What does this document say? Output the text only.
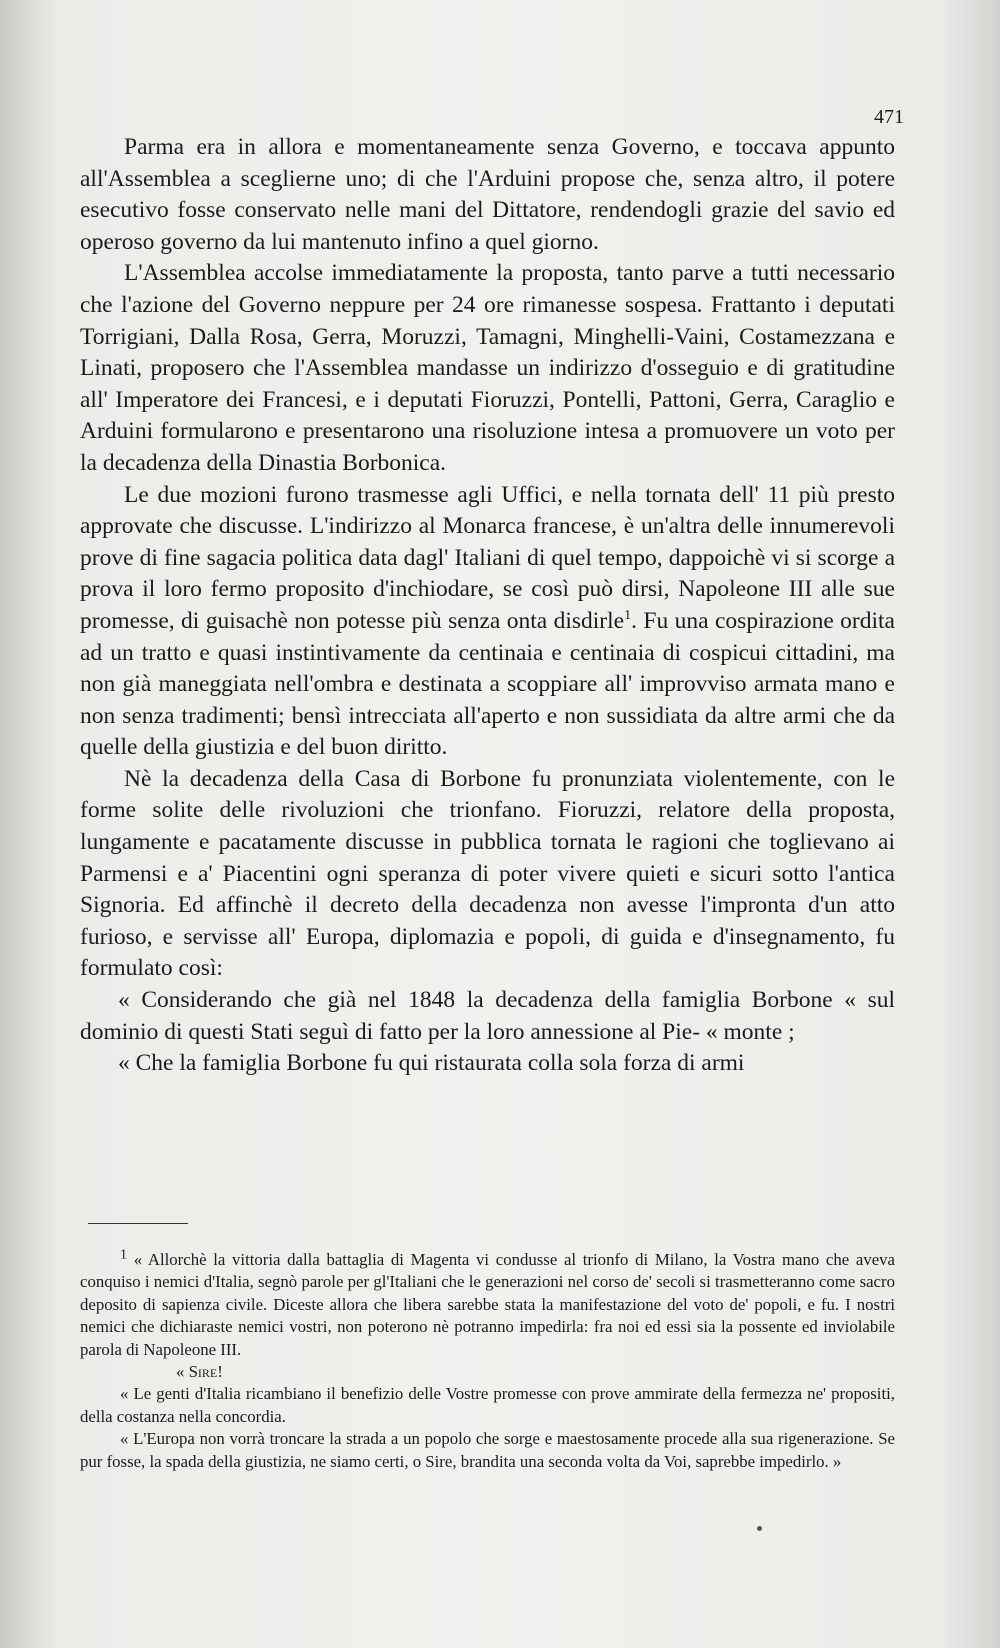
471

Parma era in allora e momentaneamente senza Governo, e toccava appunto all'Assemblea a sceglierne uno; di che l'Arduini propose che, senza altro, il potere esecutivo fosse conservato nelle mani del Dittatore, rendendogli grazie del savio ed operoso governo da lui mantenuto infino a quel giorno.

L'Assemblea accolse immediatamente la proposta, tanto parve a tutti necessario che l'azione del Governo neppure per 24 ore rimanesse sospesa. Frattanto i deputati Torrigiani, Dalla Rosa, Gerra, Moruzzi, Tamagni, Minghelli-Vaini, Costamezzana e Linati, proposero che l'Assemblea mandasse un indirizzo d'osseguio e di gratitudine all' Imperatore dei Francesi, e i deputati Fioruzzi, Pontelli, Pattoni, Gerra, Caraglio e Arduini formularono e presentarono una risoluzione intesa a promuovere un voto per la decadenza della Dinastia Borbonica.

Le due mozioni furono trasmesse agli Uffici, e nella tornata dell' 11 più presto approvate che discusse. L'indirizzo al Monarca francese, è un'altra delle innumerevoli prove di fine sagacia politica data dagl' Italiani di quel tempo, dappoichè vi si scorge a prova il loro fermo proposito d'inchiodare, se così può dirsi, Napoleone III alle sue promesse, di guisachè non potesse più senza onta disdirle$^1$. Fu una cospirazione ordita ad un tratto e quasi instintivamente da centinaia e centinaia di cospicui cittadini, ma non già maneggiata nell'ombra e destinata a scoppiare all' improvviso armata mano e non senza tradimenti; bensì intrecciata all'aperto e non sussidiata da altre armi che da quelle della giustizia e del buon diritto.

Nè la decadenza della Casa di Borbone fu pronunziata violentemente, con le forme solite delle rivoluzioni che trionfano. Fioruzzi, relatore della proposta, lungamente e pacatamente discusse in pubblica tornata le ragioni che toglievano ai Parmensi e a' Piacentini ogni speranza di poter vivere quieti e sicuri sotto l'antica Signoria. Ed affinchè il decreto della decadenza non avesse l'impronta d'un atto furioso, e servisse all' Europa, diplomazia e popoli, di guida e d'insegnamento, fu formulato così:

« Considerando che già nel 1848 la decadenza della famiglia Borbone « sul dominio di questi Stati seguì di fatto per la loro annessione al Pie- « monte ;

« Che la famiglia Borbone fu qui ristaurata colla sola forza di armi

$^1$ « Allorchè la vittoria dalla battaglia di Magenta vi condusse al trionfo di Milano, la Vostra mano che aveva conquiso i nemici d'Italia, segnò parole per gl'Italiani che le generazioni nel corso de' secoli si trasmetteranno come sacro deposito di sapienza civile. Diceste allora che libera sarebbe stata la manifestazione del voto de' popoli, e fu. I nostri nemici che dichiaraste nemici vostri, non poterono nè potranno impedirla: fra noi ed essi sia la possente ed inviolabile parola di Napoleone III.

« Sire!

« Le genti d'Italia ricambiano il benefizio delle Vostre promesse con prove ammirate della fermezza ne' propositi, della costanza nella concordia.

« L'Europa non vorrà troncare la strada a un popolo che sorge e maestosamente procede alla sua rigenerazione. Se pur fosse, la spada della giustizia, ne siamo certi, o Sire, brandita una seconda volta da Voi, saprebbe impedirlo. »
